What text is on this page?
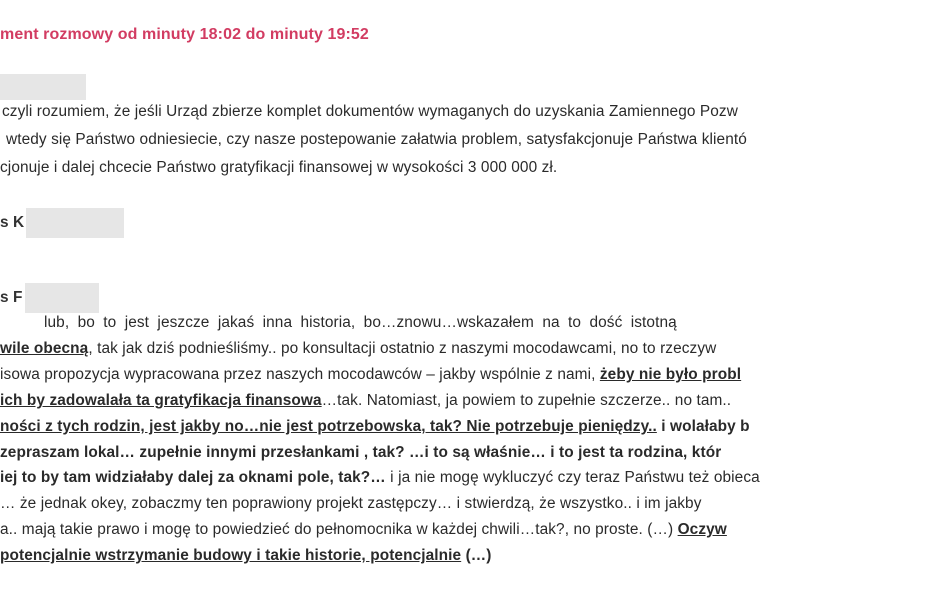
ment rozmowy od minuty 18:02 do minuty 19:52
czyli rozumiem, że jeśli Urząd zbierze komplet dokumentów wymaganych do uzyskania Zamiennego Pozw
wtedy się Państwo odniesiecie, czy nasze postepowanie załatwia problem, satysfakcjonuje Państwa klientó
cjonuje i dalej chcecie Państwo gratyfikacji finansowej w wysokości 3 000 000 zł.
s K
s F
lub, bo to jest jeszcze jakaś inna historia, bo…znowu…wskazałem na to dość istotną
wile obecną, tak jak dziś podnieśliśmy.. po konsultacji ostatnio z naszymi mocodawcami, no to rzeczyw
isowa propozycja wypracowana przez naszych mocodawców – jakby wspólnie z nami, żeby nie było probl
ich by zadowalała ta gratyfikacja finansowa…tak. Natomiast, ja powiem to zupełnie szczerze.. no tam..
ności z tych rodzin, jest jakby no…nie jest potrzebowska, tak? Nie potrzebuje pieniędzy.. i wolałaby b
zepraszam lokal… zupełnie innymi przesłankami , tak? …i to są właśnie… i to jest ta rodzina, któr
iej to by tam widziałaby dalej za oknami pole, tak?… i ja nie mogę wykluczyć czy teraz Państwu też obieca
… że jednak okey, zobaczmy ten poprawiony projekt zastępczy… i stwierdzą, że wszystko.. i im jakby
a.. mają takie prawo i mogę to powiedzieć do pełnomocnika w każdej chwili…tak?, no proste. (…) Oczyw
potencjalnie wstrzymanie budowy i takie historie, potencjalnie (…)
